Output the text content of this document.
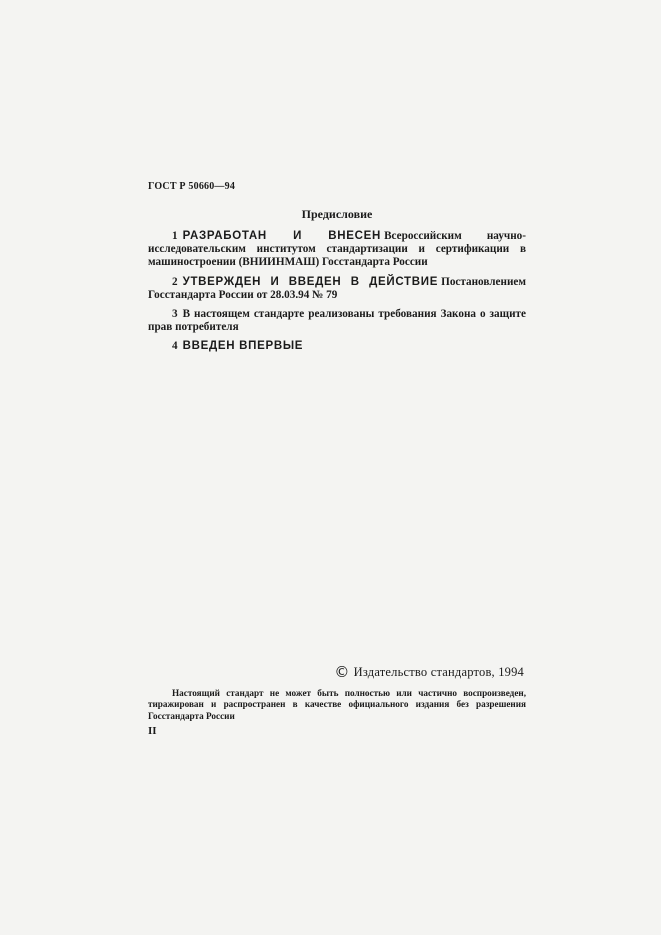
ГОСТ Р 50660—94
Предисловие

1 РАЗРАБОТАН И ВНЕСЕН Всероссийским научно-исследовательским институтом стандартизации и сертификации в машиностроении (ВНИИНМАШ) Госстандарта России

2 УТВЕРЖДЕН И ВВЕДЕН В ДЕЙСТВИЕ Постановлением Госстандарта России от 28.03.94 № 79

3 В настоящем стандарте реализованы требования Закона о защите прав потребителя

4 ВВЕДЕН ВПЕРВЫЕ

© Издательство стандартов, 1994
Настоящий стандарт не может быть полностью или частично воспроизведен, тиражирован и распространен в качестве официального издания без разрешения Госстандарта России
II
